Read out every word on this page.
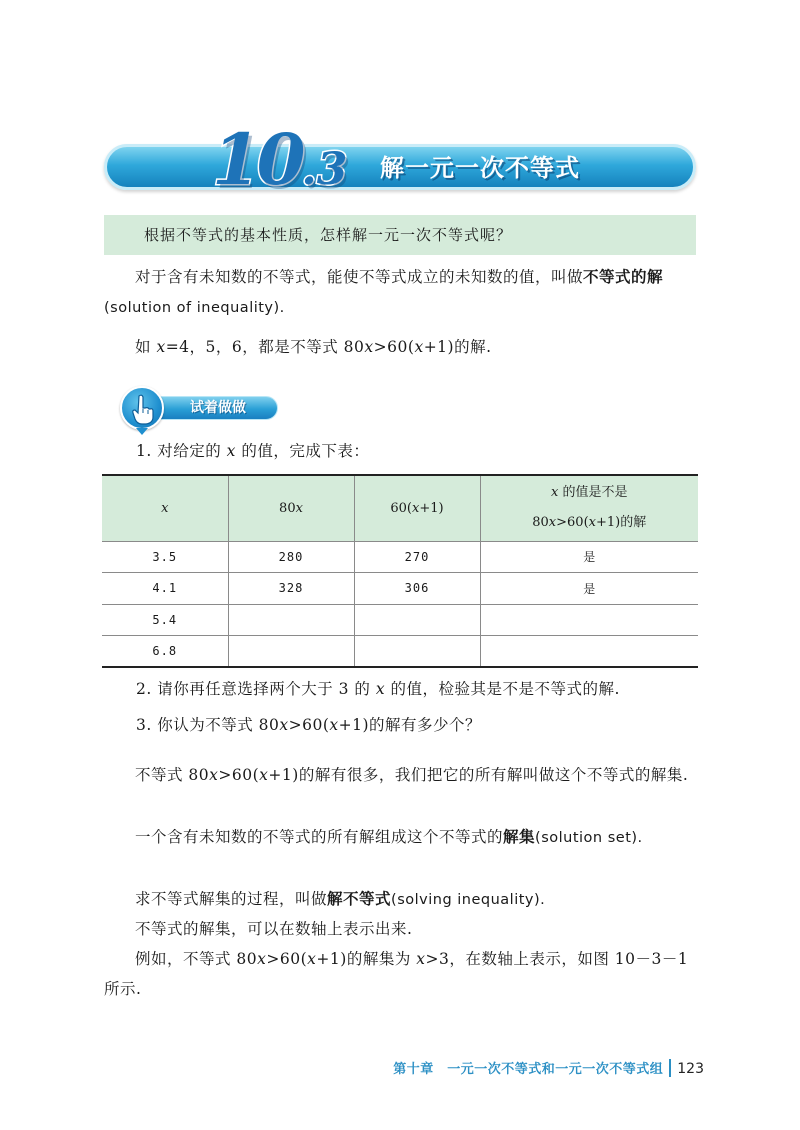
10.3 解一元一次不等式
根据不等式的基本性质，怎样解一元一次不等式呢？

对于含有未知数的不等式，能使不等式成立的未知数的值，叫做不等式的解(solution of inequality).

如 x=4，5，6，都是不等式 80x>60(x+1)的解.

试着做做

1. 对给定的 x 的值，完成下表：

x	80x	60(x+1)	x 的值是不是
80x>60(x+1)的解

3.5	280	270	是
4.1	328	306	是
5.4			
6.8			

2. 请你再任意选择两个大于 3 的 x 的值，检验其是不是不等式的解.

3. 你认为不等式 80x>60(x+1)的解有多少个？

不等式 80x>60(x+1)的解有很多，我们把它的所有解叫做这个不等式的解集.

一个含有未知数的不等式的所有解组成这个不等式的解集(solution set).

求不等式解集的过程，叫做解不等式(solving inequality).

不等式的解集，可以在数轴上表示出来.

例如，不等式 80x>60(x+1)的解集为 x>3，在数轴上表示，如图 10－3－1所示.

第十章　一元一次不等式和一元一次不等式组 123
